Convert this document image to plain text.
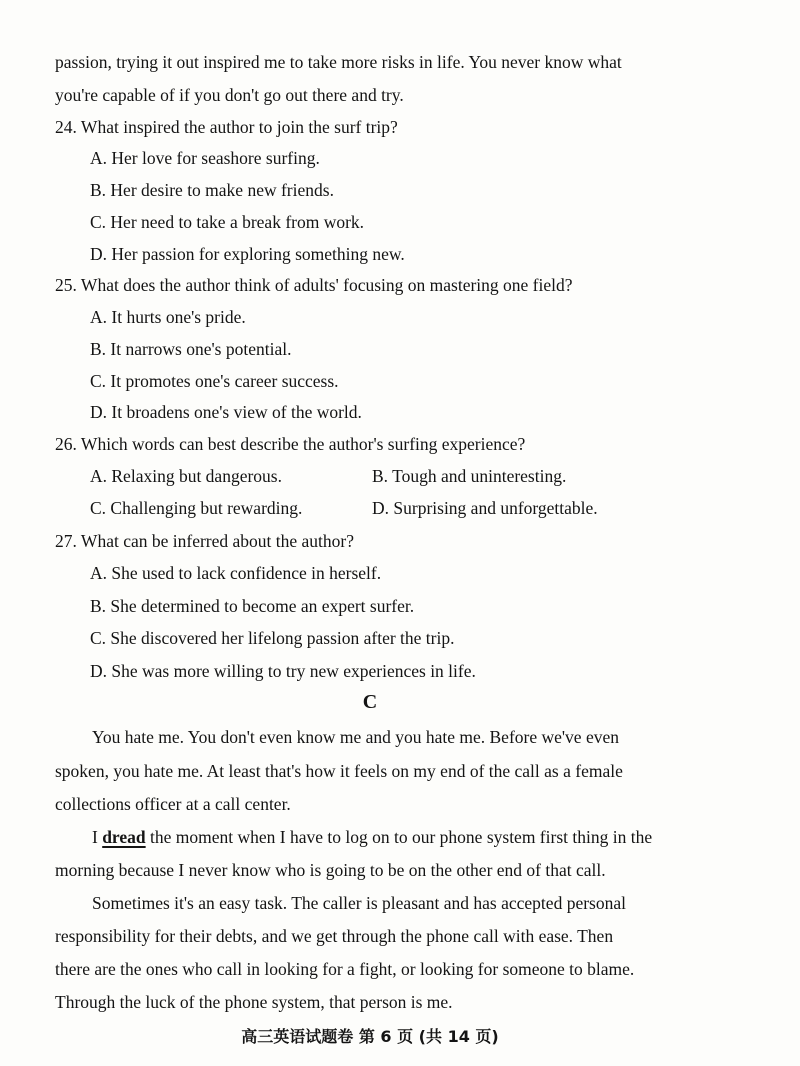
passion, trying it out inspired me to take more risks in life. You never know what
you're capable of if you don't go out there and try.
24. What inspired the author to join the surf trip?
A. Her love for seashore surfing.
B. Her desire to make new friends.
C. Her need to take a break from work.
D. Her passion for exploring something new.
25. What does the author think of adults' focusing on mastering one field?
A. It hurts one's pride.
B. It narrows one's potential.
C. It promotes one's career success.
D. It broadens one's view of the world.
26. Which words can best describe the author's surfing experience?
A. Relaxing but dangerous.	B. Tough and uninteresting.
C. Challenging but rewarding.	D. Surprising and unforgettable.
27. What can be inferred about the author?
A. She used to lack confidence in herself.
B. She determined to become an expert surfer.
C. She discovered her lifelong passion after the trip.
D. She was more willing to try new experiences in life.
C
You hate me. You don't even know me and you hate me. Before we've even
spoken, you hate me. At least that's how it feels on my end of the call as a female
collections officer at a call center.
I dread the moment when I have to log on to our phone system first thing in the
morning because I never know who is going to be on the other end of that call.
Sometimes it's an easy task. The caller is pleasant and has accepted personal
responsibility for their debts, and we get through the phone call with ease. Then
there are the ones who call in looking for a fight, or looking for someone to blame.
Through the luck of the phone system, that person is me.
高三英语试题卷 第 6 页 (共 14 页)
